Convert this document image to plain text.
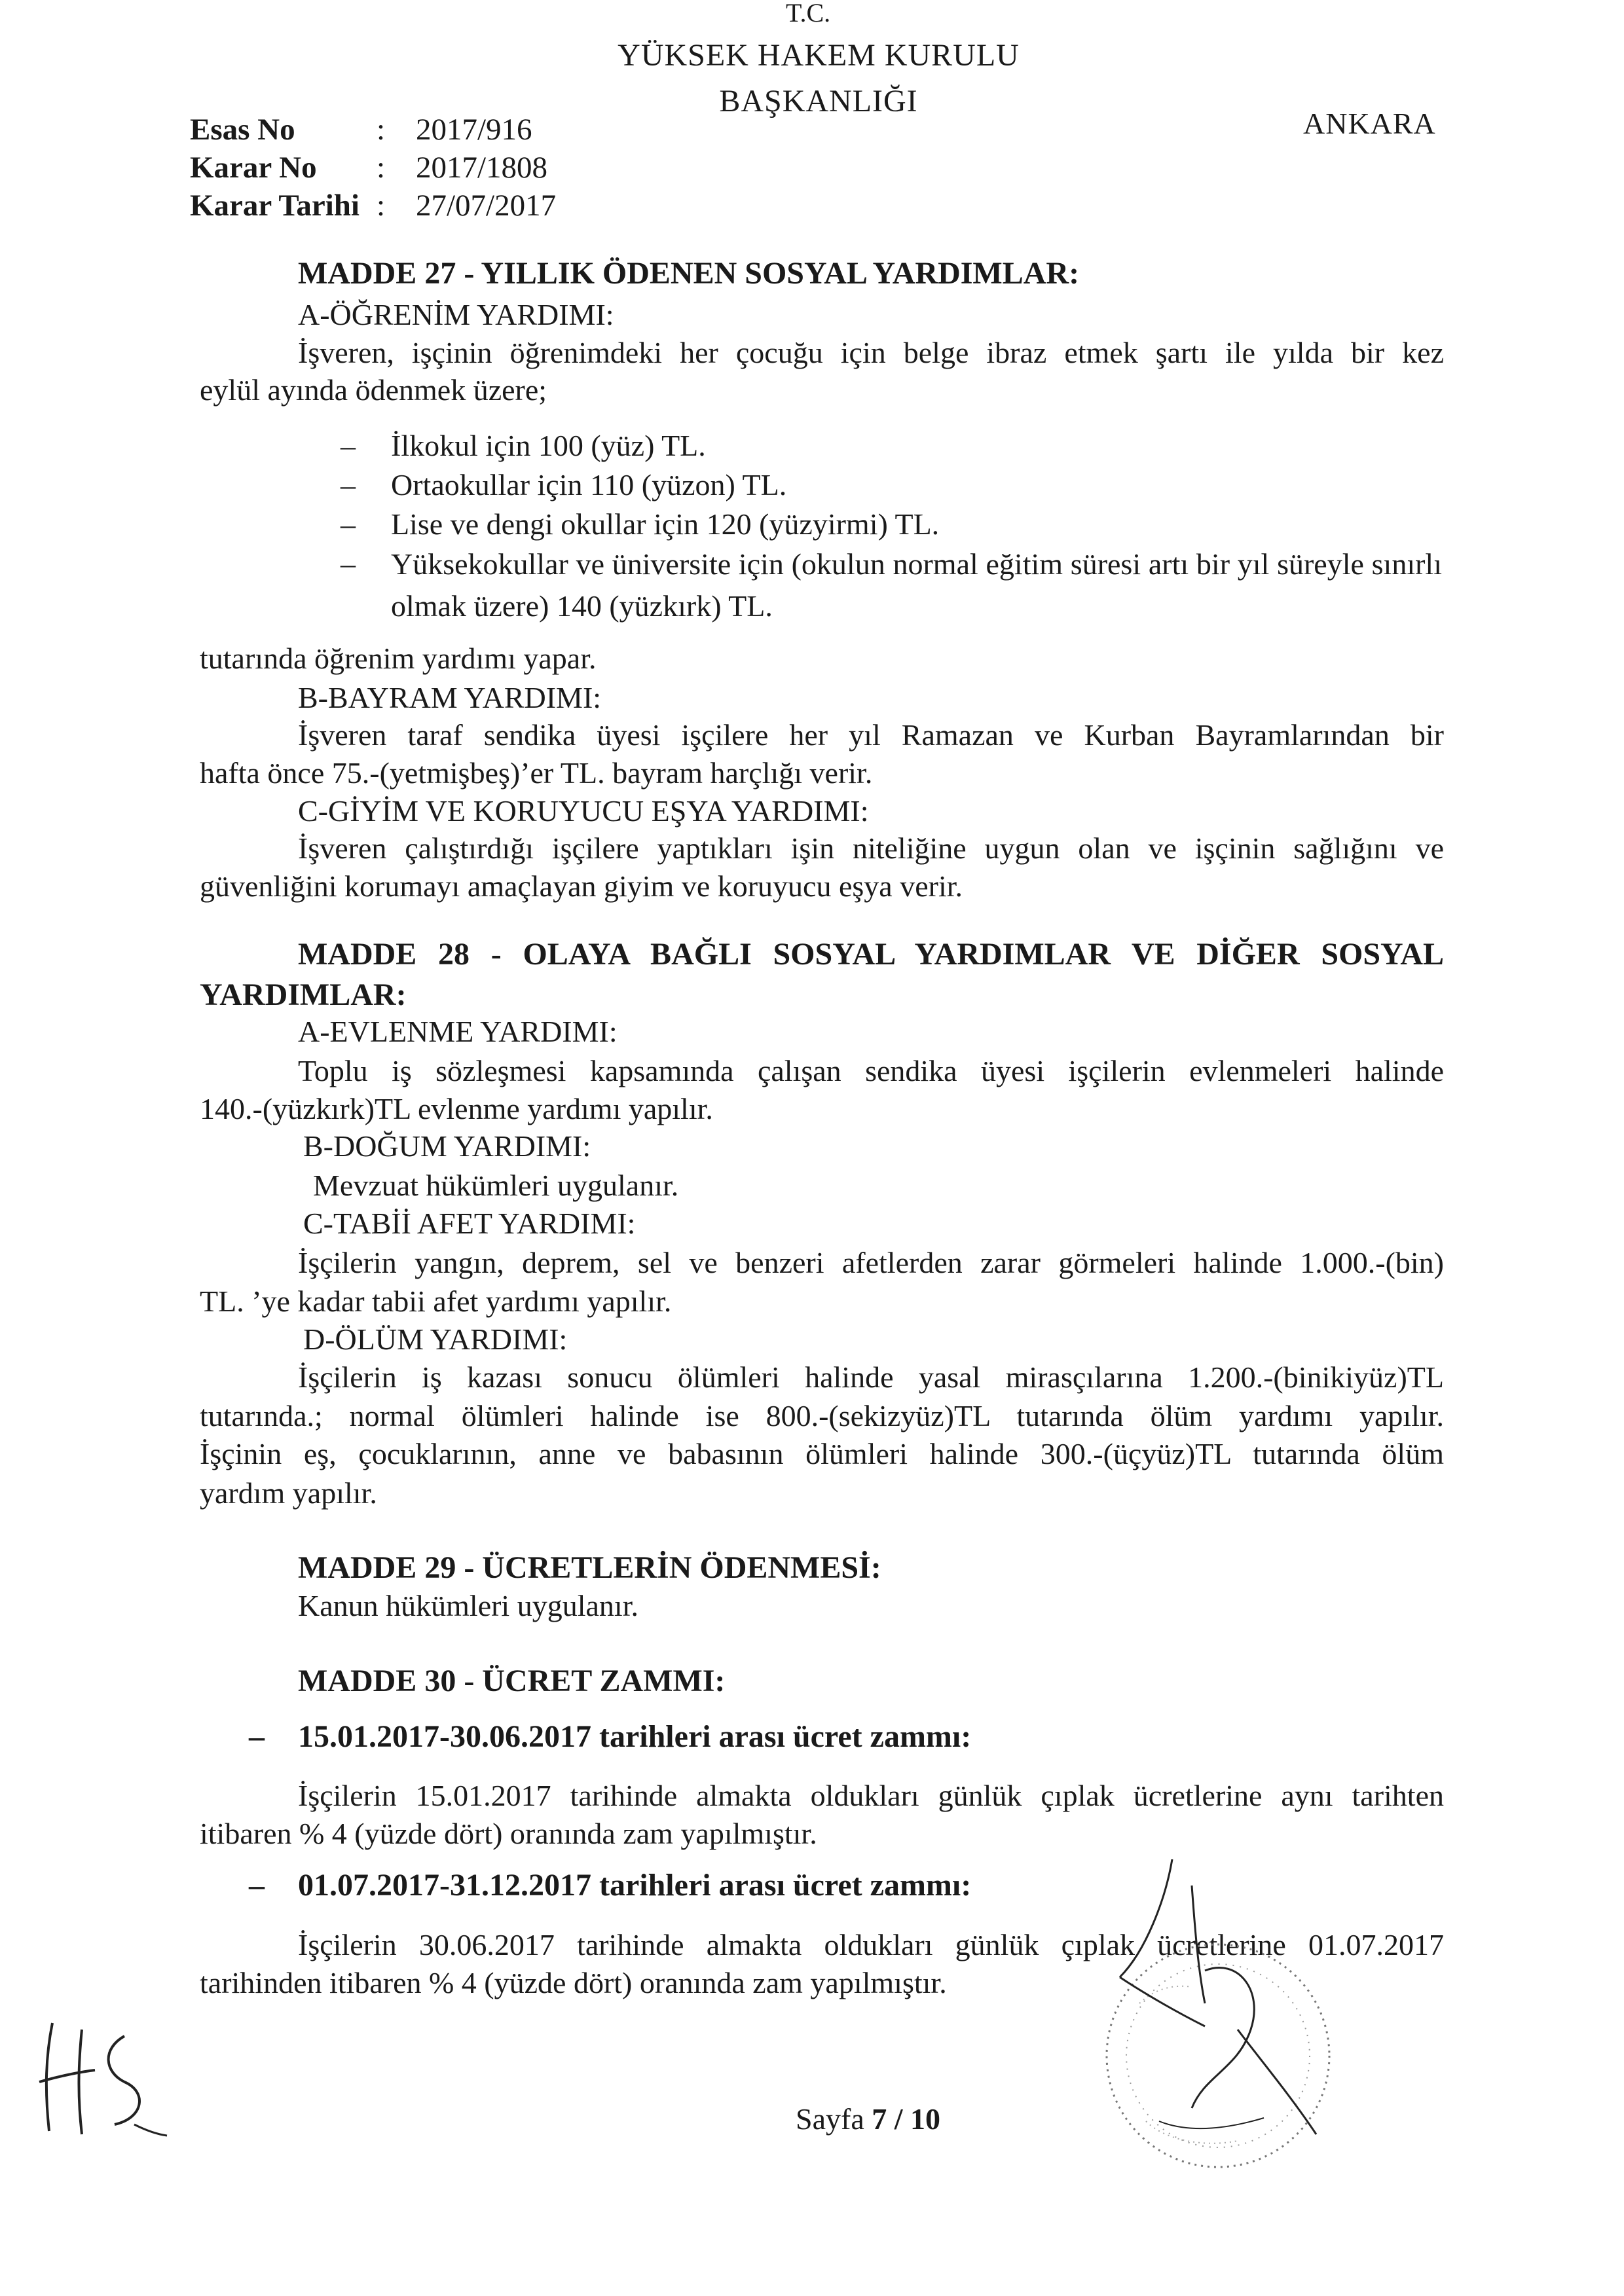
T.C.
YÜKSEK HAKEM KURULU
BAŞKANLIĞI
ANKARA
Esas No	: 2017/916
Karar No : 2017/1808
Karar Tarihi : 27/07/2017
MADDE 27 - YILLIK ÖDENEN SOSYAL YARDIMLAR:
A-ÖĞRENİM YARDIMI:
İşveren, işçinin öğrenimdeki her çocuğu için belge ibraz etmek şartı ile yılda bir kez
eylül ayında ödenmek üzere;
– İlkokul için 100 (yüz) TL.
– Ortaokullar için 110 (yüzon) TL.
– Lise ve dengi okullar için 120 (yüzyirmi) TL.
– Yüksekokullar ve üniversite için (okulun normal eğitim süresi artı bir yıl süreyle sınırlı olmak üzere) 140 (yüzkırk) TL.
tutarında öğrenim yardımı yapar.
B-BAYRAM YARDIMI:
İşveren taraf sendika üyesi işçilere her yıl Ramazan ve Kurban Bayramlarından bir
hafta önce 75.-(yetmişbeş)’er TL. bayram harçlığı verir.
C-GİYİM VE KORUYUCU EŞYA YARDIMI:
İşveren çalıştırdığı işçilere yaptıkları işin niteliğine uygun olan ve işçinin sağlığını ve
güvenliğini korumayı amaçlayan giyim ve koruyucu eşya verir.
MADDE 28 - OLAYA BAĞLI SOSYAL YARDIMLAR VE DİĞER SOSYAL
YARDIMLAR:
A-EVLENME YARDIMI:
Toplu iş sözleşmesi kapsamında çalışan sendika üyesi işçilerin evlenmeleri halinde
140.-(yüzkırk)TL evlenme yardımı yapılır.
B-DOĞUM YARDIMI:
Mevzuat hükümleri uygulanır.
C-TABİİ AFET YARDIMI:
İşçilerin yangın, deprem, sel ve benzeri afetlerden zarar görmeleri halinde 1.000.-(bin)
TL. ’ye kadar tabii afet yardımı yapılır.
D-ÖLÜM YARDIMI:
İşçilerin iş kazası sonucu ölümleri halinde yasal mirasçılarına 1.200.-(binikiyüz)TL
tutarında.; normal ölümleri halinde ise 800.-(sekizyüz)TL tutarında ölüm yardımı yapılır.
İşçinin eş, çocuklarının, anne ve babasının ölümleri halinde 300.-(üçyüz)TL tutarında ölüm
yardım yapılır.
MADDE 29 - ÜCRETLERİN ÖDENMESİ:
Kanun hükümleri uygulanır.
MADDE 30 - ÜCRET ZAMMI:
– 15.01.2017-30.06.2017 tarihleri arası ücret zammı:
İşçilerin 15.01.2017 tarihinde almakta oldukları günlük çıplak ücretlerine aynı tarihten
itibaren % 4 (yüzde dört) oranında zam yapılmıştır.
– 01.07.2017-31.12.2017 tarihleri arası ücret zammı:
İşçilerin 30.06.2017 tarihinde almakta oldukları günlük çıplak ücretlerine 01.07.2017
tarihinden itibaren % 4 (yüzde dört) oranında zam yapılmıştır.
Sayfa 7 / 10
